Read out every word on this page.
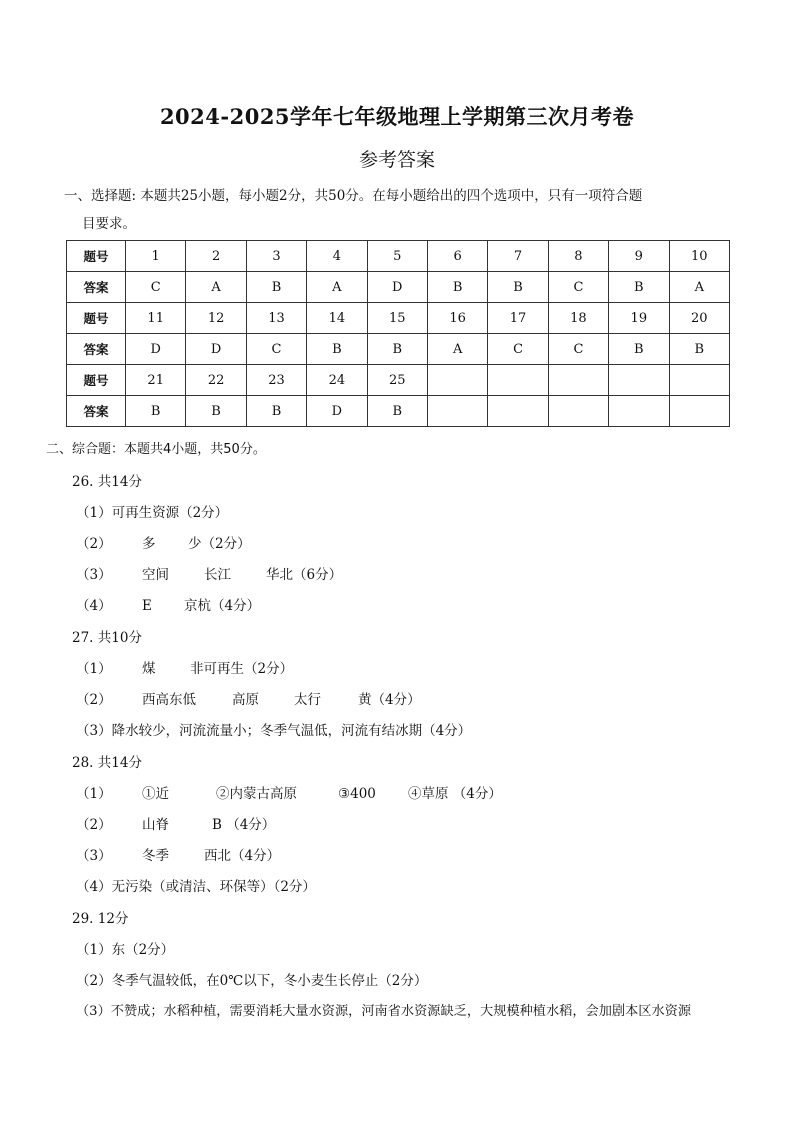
2024-2025学年七年级地理上学期第三次月考卷
参考答案
一、选择题: 本题共25小题，每小题2分，共50分。在每小题给出的四个选项中，只有一项符合题
目要求。
题号	1	2	3	4	5	6	7	8	9	10
答案	C	A	B	A	D	B	B	C	B	A
题号	11	12	13	14	15	16	17	18	19	20
答案	D	D	C	B	B	A	C	C	B	B
题号	21	22	23	24	25					
答案	B	B	B	D	B					
二、综合题：本题共4小题，共50分。
26. 共14分
（1）可再生资源（2分）
（2） 多 少（2分）
（3） 空间	长江	华北（6分）
（4） E 京杭（4分）
27. 共10分
（1） 煤	非可再生（2分）
（2） 西高东低	高原	太行	黄（4分）
（3）降水较少，河流流量小；冬季气温低，河流有结冰期（4分）
28. 共14分
（1） ①近	②内蒙古高原	③400 ④草原 （4分）
（2） 山脊	B （4分）
（3） 冬季	西北（4分）
（4）无污染（或清洁、环保等）（2分）
29. 12分
（1）东（2分）
（2）冬季气温较低，在0℃以下，冬小麦生长停止（2分）
（3）不赞成；水稻种植，需要消耗大量水资源，河南省水资源缺乏，大规模种植水稻，会加剧本区水资源
